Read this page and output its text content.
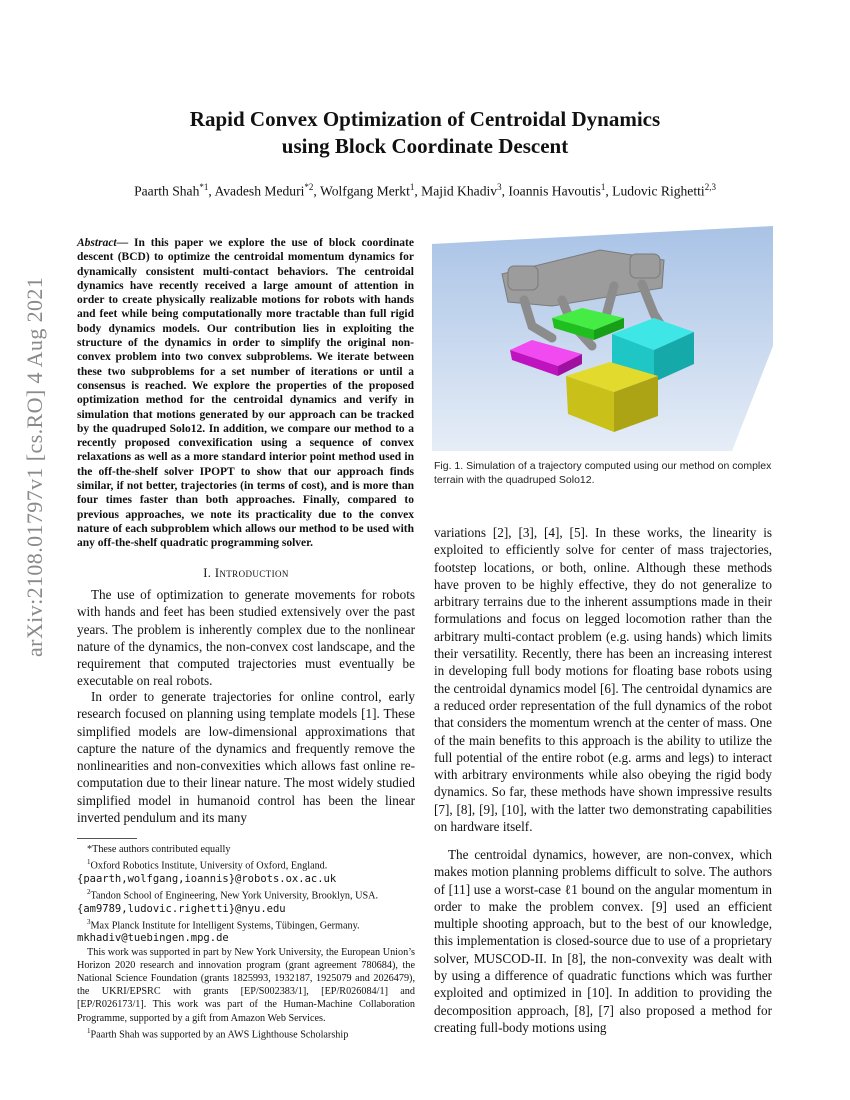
Rapid Convex Optimization of Centroidal Dynamics
using Block Coordinate Descent
Paarth Shah$^{*1}$, Avadesh Meduri$^{*2}$, Wolfgang Merkt$^1$, Majid Khadiv$^3$, Ioannis Havoutis$^1$, Ludovic Righetti$^{2,3}$
arXiv:2108.01797v1 [cs.RO] 4 Aug 2021
Abstract— In this paper we explore the use of block coordinate descent (BCD) to optimize the centroidal momentum dynamics for dynamically consistent multi-contact behaviors. The centroidal dynamics have recently received a large amount of attention in order to create physically realizable motions for robots with hands and feet while being computationally more tractable than full rigid body dynamics models. Our contribution lies in exploiting the structure of the dynamics in order to simplify the original non-convex problem into two convex subproblems. We iterate between these two subproblems for a set number of iterations or until a consensus is reached. We explore the properties of the proposed optimization method for the centroidal dynamics and verify in simulation that motions generated by our approach can be tracked by the quadruped Solo12. In addition, we compare our method to a recently proposed convexification using a sequence of convex relaxations as well as a more standard interior point method used in the off-the-shelf solver IPOPT to show that our approach finds similar, if not better, trajectories (in terms of cost), and is more than four times faster than both approaches. Finally, compared to previous approaches, we note its practicality due to the convex nature of each subproblem which allows our method to be used with any off-the-shelf quadratic programming solver.
I. Introduction

The use of optimization to generate movements for robots with hands and feet has been studied extensively over the past years. The problem is inherently complex due to the nonlinear nature of the dynamics, the non-convex cost landscape, and the requirement that computed trajectories must eventually be executable on real robots.

In order to generate trajectories for online control, early research focused on planning using template models [1]. These simplified models are low-dimensional approximations that capture the nature of the dynamics and frequently remove the nonlinearities and non-convexities which allows fast online re-computation due to their linear nature. The most widely studied simplified model in humanoid control has been the linear inverted pendulum and its many

*These authors contributed equally
$^1$Oxford Robotics Institute, University of Oxford, England.
{paarth,wolfgang,ioannis}@robots.ox.ac.uk
$^2$Tandon School of Engineering, New York University, Brooklyn, USA.
{am9789,ludovic.righetti}@nyu.edu
$^3$Max Planck Institute for Intelligent Systems, Tübingen, Germany.
mkhadiv@tuebingen.mpg.de
This work was supported in part by New York University, the European Union’s Horizon 2020 research and innovation program (grant agreement 780684), the National Science Foundation (grants 1825993, 1932187, 1925079 and 2026479), the UKRI/EPSRC with grants [EP/S002383/1], [EP/R026084/1] and [EP/R026173/1]. This work was part of the Human-Machine Collaboration Programme, supported by a gift from Amazon Web Services.
$^1$Paarth Shah was supported by an AWS Lighthouse Scholarship
Fig. 1. Simulation of a trajectory computed using our method on complex terrain with the quadruped Solo12.

variations [2], [3], [4], [5]. In these works, the linearity is exploited to efficiently solve for center of mass trajectories, footstep locations, or both, online. Although these methods have proven to be highly effective, they do not generalize to arbitrary terrains due to the inherent assumptions made in their formulations and focus on legged locomotion rather than the arbitrary multi-contact problem (e.g. using hands) which limits their versatility. Recently, there has been an increasing interest in developing full body motions for floating base robots using the centroidal dynamics model [6]. The centroidal dynamics are a reduced order representation of the full dynamics of the robot that considers the momentum wrench at the center of mass. One of the main benefits to this approach is the ability to utilize the full potential of the entire robot (e.g. arms and legs) to interact with arbitrary environments while also obeying the rigid body dynamics. So far, these methods have shown impressive results [7], [8], [9], [10], with the latter two demonstrating capabilities on hardware itself.

The centroidal dynamics, however, are non-convex, which makes motion planning problems difficult to solve. The authors of [11] use a worst-case ℓ1 bound on the angular momentum in order to make the problem convex. [9] used an efficient multiple shooting approach, but to the best of our knowledge, this implementation is closed-source due to use of a proprietary solver, MUSCOD-II. In [8], the non-convexity was dealt with by using a difference of quadratic functions which was further exploited and optimized in [10]. In addition to providing the decomposition approach, [8], [7] also proposed a method for creating full-body motions using
